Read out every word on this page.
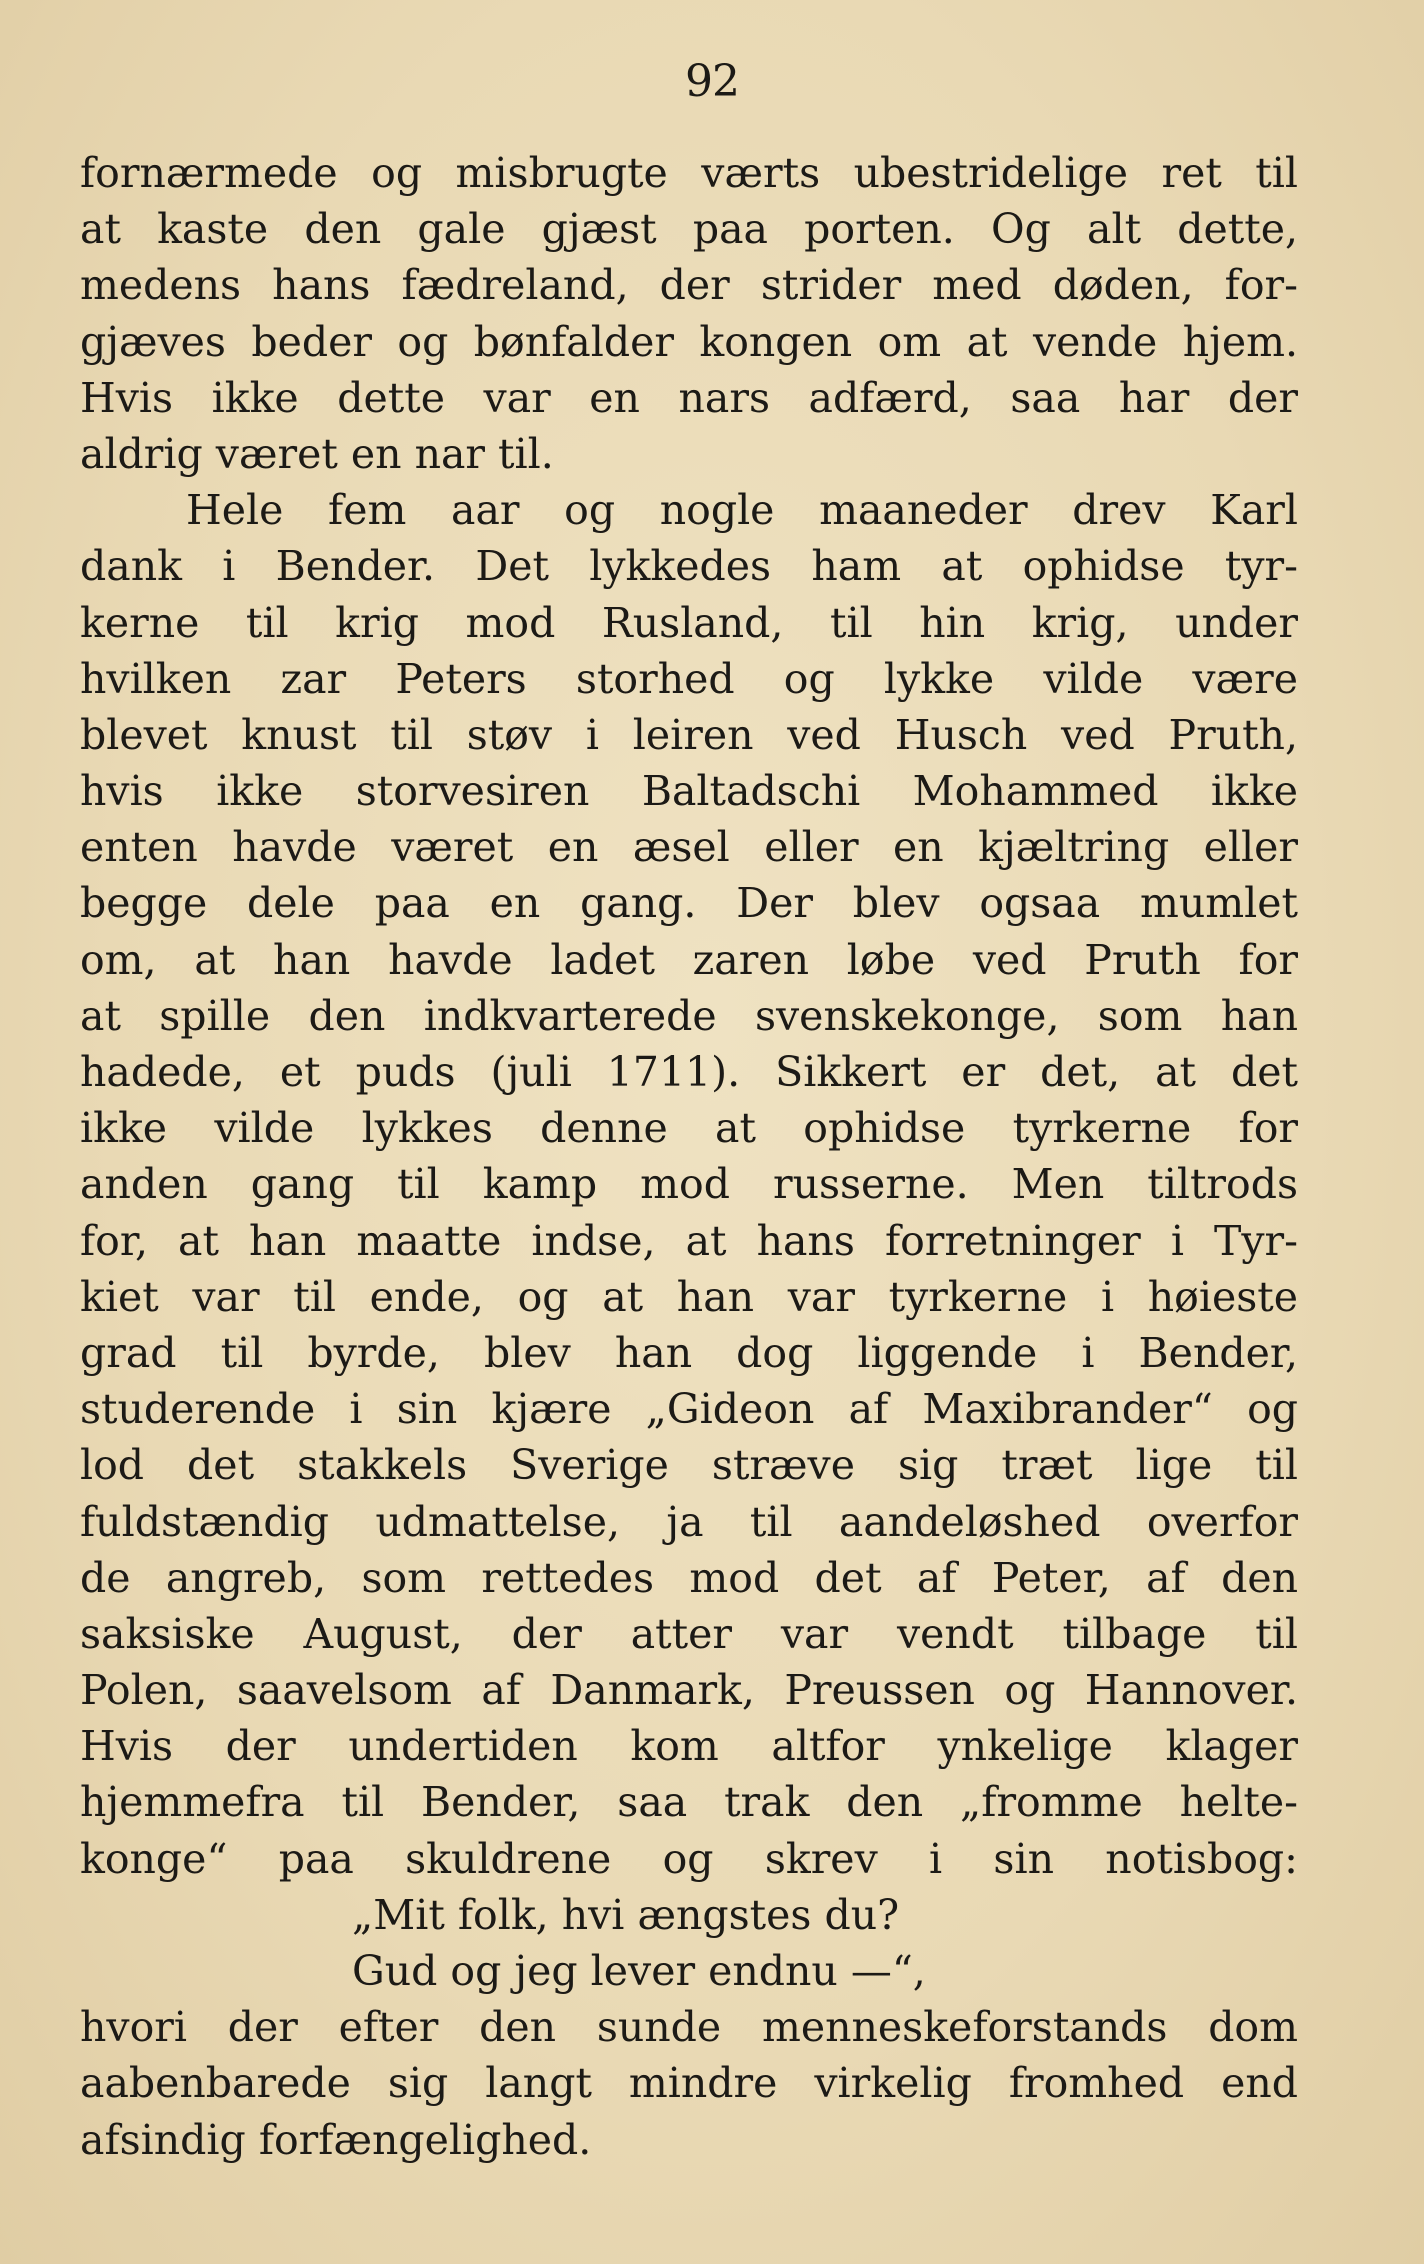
92
fornærmede og misbrugte værts ubestridelige ret til
at kaste den gale gjæst paa porten. Og alt dette,
medens hans fædreland, der strider med døden, for-
gjæves beder og bønfalder kongen om at vende hjem.
Hvis ikke dette var en nars adfærd, saa har der
aldrig været en nar til.
Hele fem aar og nogle maaneder drev Karl
dank i Bender. Det lykkedes ham at ophidse tyr-
kerne til krig mod Rusland, til hin krig, under
hvilken zar Peters storhed og lykke vilde være
blevet knust til støv i leiren ved Husch ved Pruth,
hvis ikke storvesiren Baltadschi Mohammed ikke
enten havde været en æsel eller en kjæltring eller
begge dele paa en gang. Der blev ogsaa mumlet
om, at han havde ladet zaren løbe ved Pruth for
at spille den indkvarterede svenskekonge, som han
hadede, et puds (juli 1711). Sikkert er det, at det
ikke vilde lykkes denne at ophidse tyrkerne for
anden gang til kamp mod russerne. Men tiltrods
for, at han maatte indse, at hans forretninger i Tyr-
kiet var til ende, og at han var tyrkerne i høieste
grad til byrde, blev han dog liggende i Bender,
studerende i sin kjære „Gideon af Maxibrander“ og
lod det stakkels Sverige stræve sig træt lige til
fuldstændig udmattelse, ja til aandeløshed overfor
de angreb, som rettedes mod det af Peter, af den
saksiske August, der atter var vendt tilbage til
Polen, saavelsom af Danmark, Preussen og Hannover.
Hvis der undertiden kom altfor ynkelige klager
hjemmefra til Bender, saa trak den „fromme helte-
konge“ paa skuldrene og skrev i sin notisbog:
„Mit folk, hvi ængstes du?
Gud og jeg lever endnu —“,
hvori der efter den sunde menneskeforstands dom
aabenbarede sig langt mindre virkelig fromhed end
afsindig forfængelighed.
